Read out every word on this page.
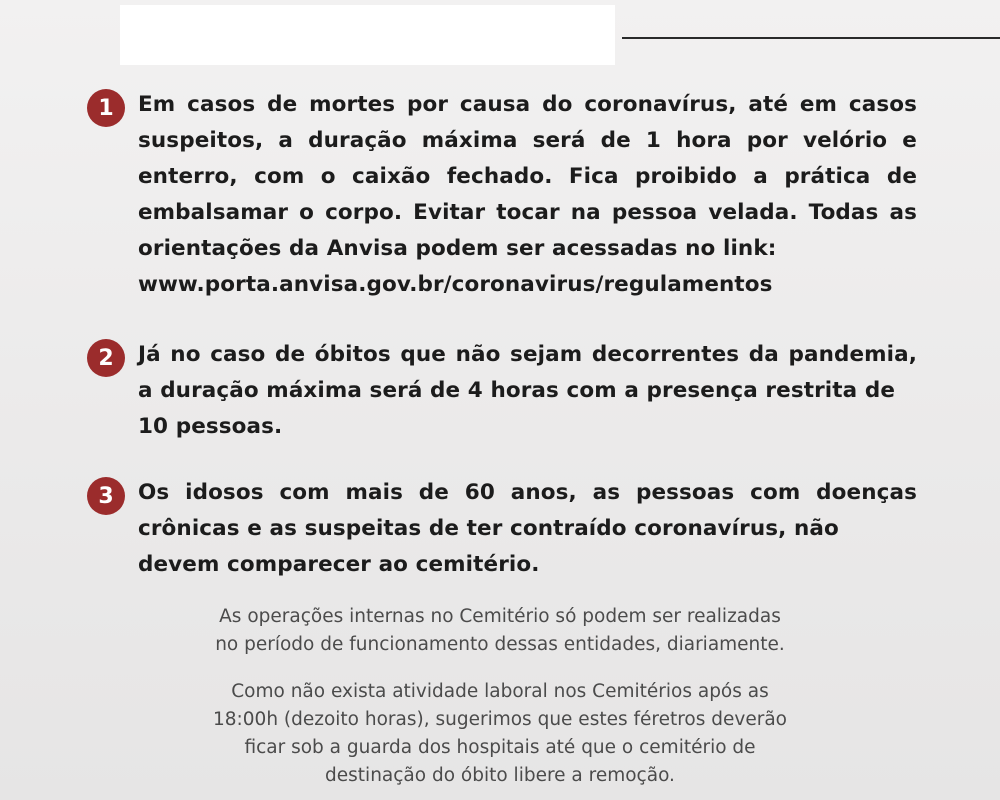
1	Em casos de mortes por causa do coronavírus, até em casos suspeitos, a duração máxima será de 1 hora por velório e enterro, com o caixão fechado. Fica proibido a prática de embalsamar o corpo. Evitar tocar na pessoa velada. Todas as orientações da Anvisa podem ser acessadas no link:
www.porta.anvisa.gov.br/coronavirus/regulamentos
2	Já no caso de óbitos que não sejam decorrentes da pandemia, a duração máxima será de 4 horas com a presença restrita de
10 pessoas.
3	Os idosos com mais de 60 anos, as pessoas com doenças crônicas e as suspeitas de ter contraído coronavírus, não
devem comparecer ao cemitério.
As operações internas no Cemitério só podem ser realizadas
no período de funcionamento dessas entidades, diariamente.
Como não exista atividade laboral nos Cemitérios após as
18:00h (dezoito horas), sugerimos que estes féretros deverão
ficar sob a guarda dos hospitais até que o cemitério de
destinação do óbito libere a remoção.
